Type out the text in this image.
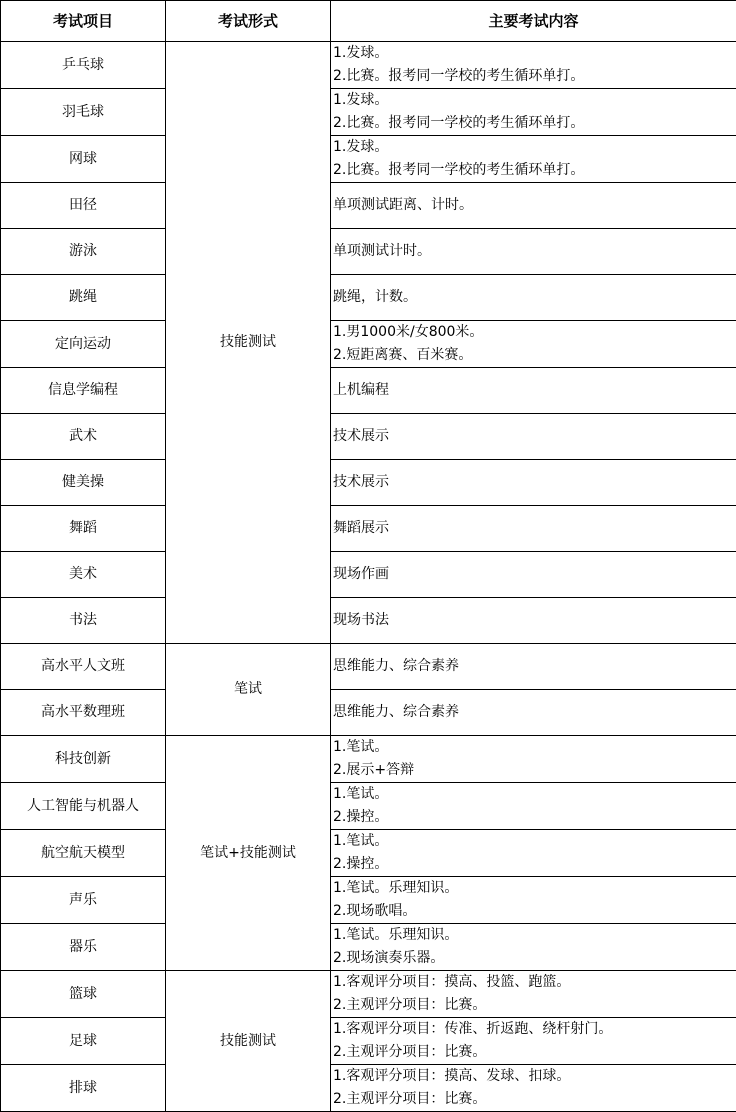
考试项目	考试形式	主要考试内容
乒乓球	技能测试	1.发球。
2.比赛。报考同一学校的考生循环单打。

羽毛球		1.发球。
2.比赛。报考同一学校的考生循环单打。

网球		1.发球。
2.比赛。报考同一学校的考生循环单打。

田径		单项测试距离、计时。

游泳		单项测试计时。

跳绳		跳绳，计数。

定向运动		1.男1000米/女800米。
2.短距离赛、百米赛。

信息学编程		上机编程

武术		技术展示

健美操		技术展示

舞蹈		舞蹈展示

美术		现场作画

书法		现场书法

高水平人文班	笔试	思维能力、综合素养

高水平数理班		思维能力、综合素养

科技创新	笔试+技能测试	1.笔试。
2.展示+答辩

人工智能与机器人		1.笔试。
2.操控。

航空航天模型		1.笔试。
2.操控。

声乐		1.笔试。乐理知识。
2.现场歌唱。

器乐		1.笔试。乐理知识。
2.现场演奏乐器。

篮球	技能测试	1.客观评分项目：摸高、投篮、跑篮。
2.主观评分项目：比赛。

足球		1.客观评分项目：传准、折返跑、绕杆射门。
2.主观评分项目：比赛。

排球		1.客观评分项目：摸高、发球、扣球。
2.主观评分项目：比赛。
